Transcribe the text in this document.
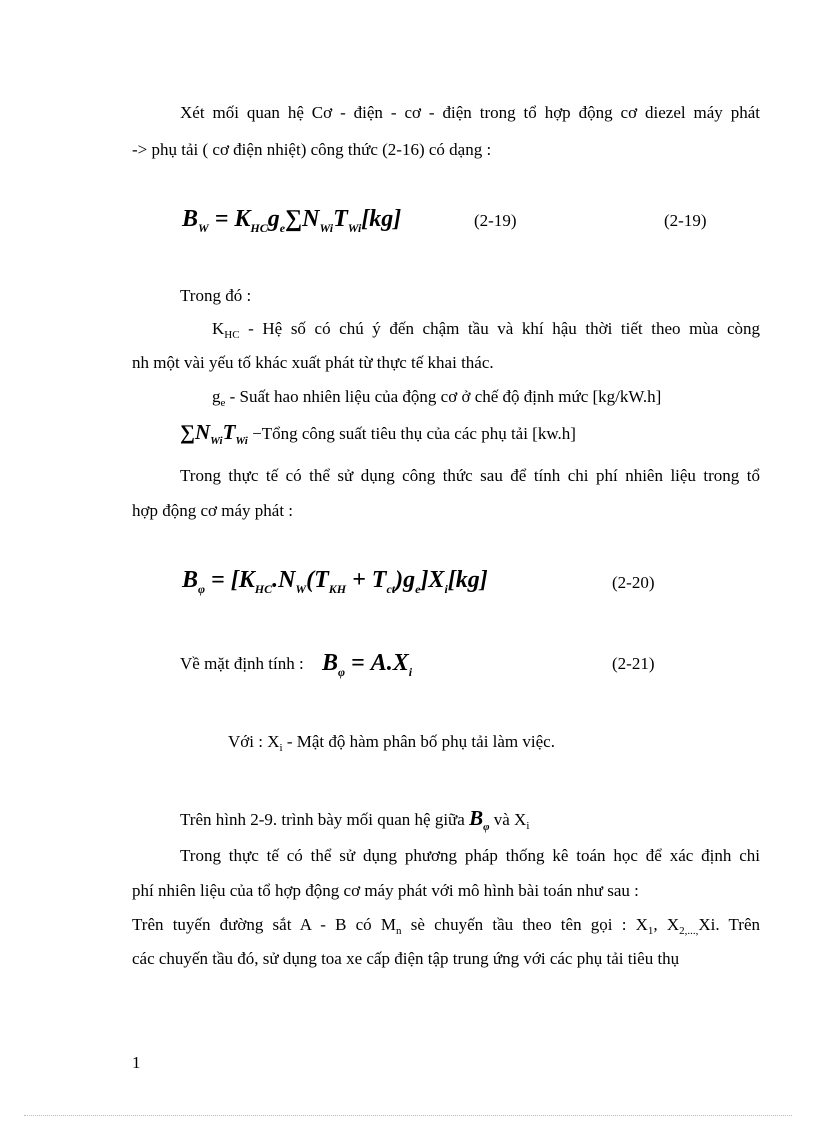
Xét mối quan hệ Cơ - điện - cơ - điện trong tổ hợp động cơ diezel máy phát
-> phụ tải ( cơ điện nhiệt) công thức (2-16) có dạng :
$B_W = K_{HC}g_e\sum N_{Wi}T_{Wi}[kg]$	(2-19)	(2-19)
Trong đó :
$K_{HC}$ - Hệ số có chú ý đến chậm tầu và khí hậu thời tiết theo mùa còng
nh một vài yếu tố khác xuất phát từ thực tế khai thác.
$g_e$ - Suất hao nhiên liệu của động cơ ở chế độ định mức [kg/kW.h]
$\sum N_{Wi}T_{Wi}$ −Tổng công suất tiêu thụ của các phụ tải [kw.h]
Trong thực tế có thể sử dụng công thức sau để tính chi phí nhiên liệu trong tổ
hợp động cơ máy phát :
$B_\varphi = [K_{HC}.N_W(T_{KH} + T_{ct})g_e]X_i[kg]$	(2-20)
Về mặt định tính : $B_\varphi = A.X_i$	(2-21)
Với : $X_i$ - Mật độ hàm phân bố phụ tải làm việc.
Trên hình 2-9. trình bày mối quan hệ giữa $B_\varphi$ và $X_i$
Trong thực tế có thể sử dụng phương pháp thống kê toán học để xác định chi
phí nhiên liệu của tổ hợp động cơ máy phát với mô hình bài toán như sau :
Trên tuyến đường sắt A - B có $M_n$ sè chuyến tầu theo tên gọi : $X_1$, $X_{2,...,}Xi$. Trên
các chuyến tầu đó, sử dụng toa xe cấp điện tập trung ứng với các phụ tải tiêu thụ
1
